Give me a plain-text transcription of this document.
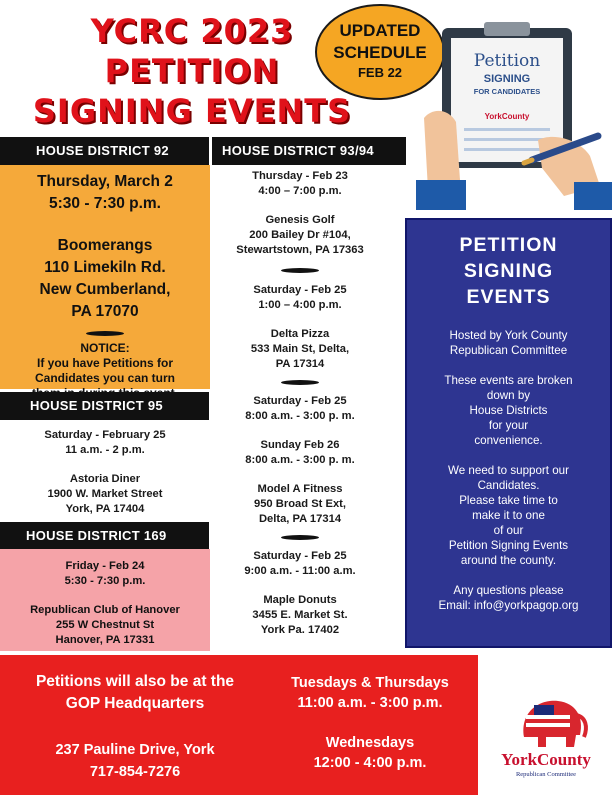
YCRC 2023
PETITION
SIGNING EVENTS
UPDATED
SCHEDULE
FEB 22
Petition
SIGNING
FOR CANDIDATES
YorkCounty
HOUSE DISTRICT 92
Thursday, March 2
5:30 - 7:30 p.m.
Boomerangs
110 Limekiln Rd.
New Cumberland,
PA 17070
NOTICE:
If you have Petitions for
Candidates you can turn
HOUSE DISTRICT 95
Saturday - February 25
11 a.m. - 2 p.m.
Astoria Diner
1900 W. Market Street
York, PA 17404
HOUSE DISTRICT 169
Friday - Feb 24
5:30 - 7:30 p.m.
Republican Club of Hanover
255 W Chestnut St
Hanover, PA 17331
HOUSE DISTRICT 93/94
Thursday - Feb 23
4:00 – 7:00 p.m.
Genesis Golf
200 Bailey Dr #104,
Stewartstown, PA 17363
Saturday - Feb 25
1:00 – 4:00 p.m.
Delta Pizza
533 Main St, Delta,
PA 17314
Saturday - Feb 25
8:00 a.m. - 3:00 p. m.
Sunday Feb 26
8:00 a.m. - 3:00 p. m.
Model A Fitness
950 Broad St Ext,
Delta, PA 17314
Saturday - Feb 25
9:00 a.m. - 11:00 a.m.
Maple Donuts
3455 E. Market St.
York Pa. 17402
PETITION
SIGNING
EVENTS
Hosted by York County
Republican Committee
These events are broken
down by
House Districts
for your
convenience.
We need to support our
Candidates.
Please take time to
make it to one
of our
Petition Signing Events
around the county.
Any questions please
Email: info@yorkpagop.org
Petitions will also be at the
GOP Headquarters
237 Pauline Drive, York
717-854-7276
Tuesdays & Thursdays
11:00 a.m. - 3:00 p.m.
Wednesdays
12:00 - 4:00 p.m.	YorkCounty
Republican Committee
